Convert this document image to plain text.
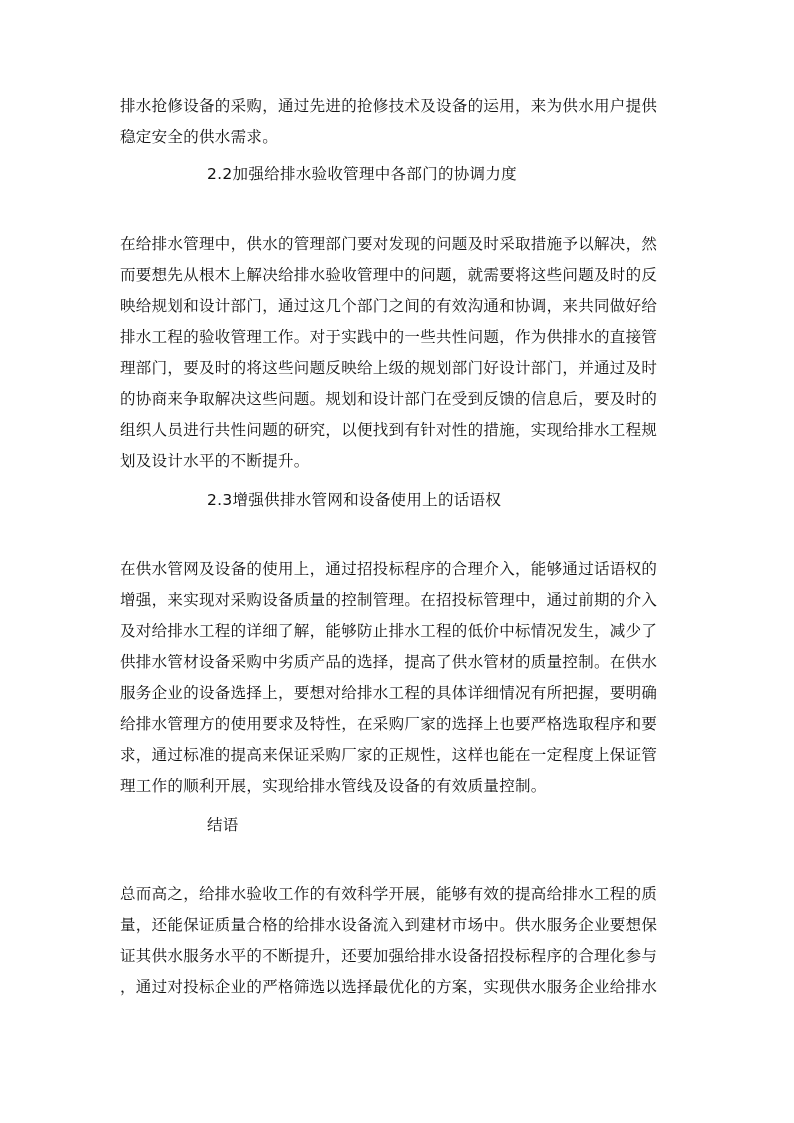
排水抢修设备的采购，通过先进的抢修技术及设备的运用，来为供水用户提供
稳定安全的供水需求。
2.2加强给排水验收管理中各部门的协调力度
在给排水管理中，供水的管理部门要对发现的问题及时采取措施予以解决，然
而要想先从根木上解决给排水验收管理中的问题，就需要将这些问题及时的反
映给规划和设计部门，通过这几个部门之间的有效沟通和协调，来共同做好给
排水工程的验收管理工作。对于实践中的一些共性问题，作为供排水的直接管
理部门，要及时的将这些问题反映给上级的规划部门好设计部门，并通过及时
的协商来争取解决这些问题。规划和设计部门在受到反馈的信息后，要及时的
组织人员进行共性问题的研究，以便找到有针对性的措施，实现给排水工程规
划及设计水平的不断提升。
2.3增强供排水管网和设备使用上的话语权
在供水管网及设备的使用上，通过招投标程序的合理介入，能够通过话语权的
增强，来实现对采购设备质量的控制管理。在招投标管理中，通过前期的介入
及对给排水工程的详细了解，能够防止排水工程的低价中标情况发生，减少了
供排水管材设备采购中劣质产品的选择，提高了供水管材的质量控制。在供水
服务企业的设备选择上，要想对给排水工程的具体详细情况有所把握，要明确
给排水管理方的使用要求及特性，在采购厂家的选择上也要严格选取程序和要
求，通过标准的提高来保证采购厂家的正规性，这样也能在一定程度上保证管
理工作的顺利开展，实现给排水管线及设备的有效质量控制。
结语
总而高之，给排水验收工作的有效科学开展，能够有效的提高给排水工程的质
量，还能保证质量合格的给排水设备流入到建材市场中。供水服务企业要想保
证其供水服务水平的不断提升，还要加强给排水设备招投标程序的合理化参与
，通过对投标企业的严格筛选以选择最优化的方案，实现供水服务企业给排水
